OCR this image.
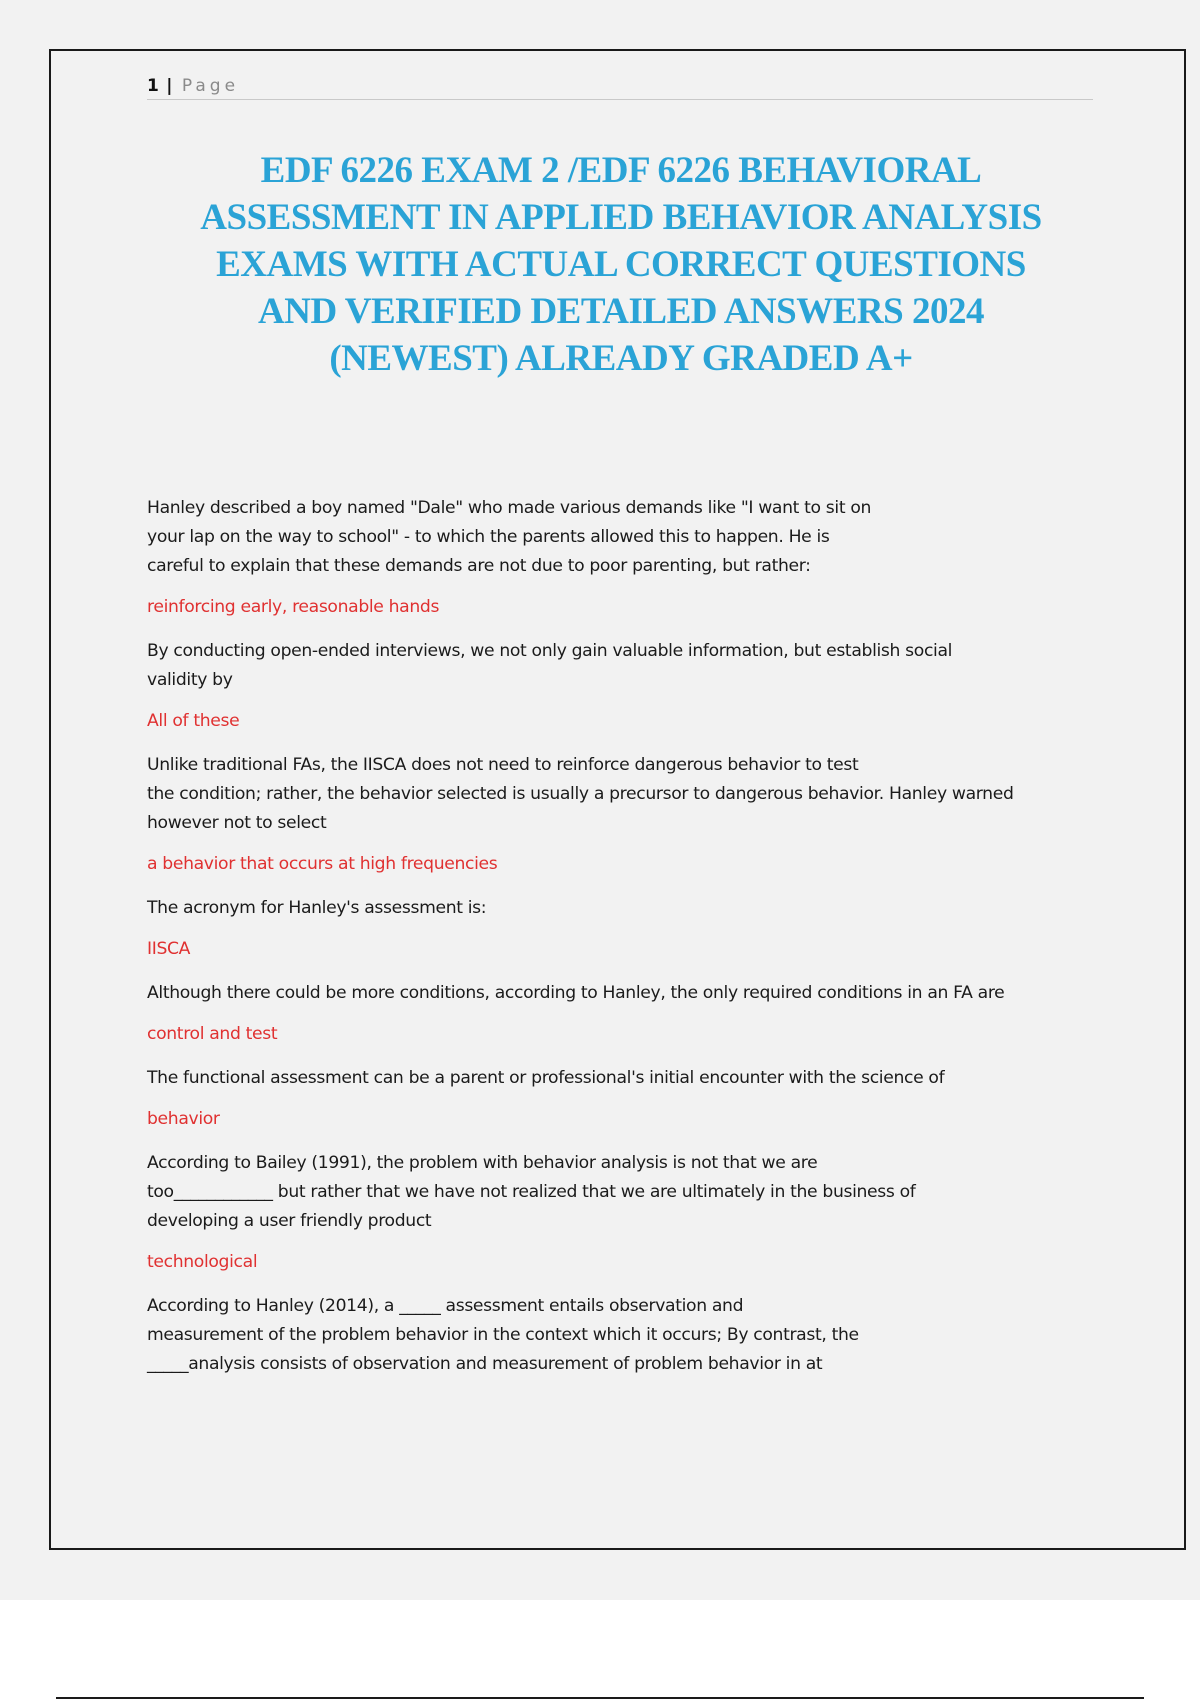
1 | Page
EDF 6226 EXAM 2 /EDF 6226 BEHAVIORAL
ASSESSMENT IN APPLIED BEHAVIOR ANALYSIS
EXAMS WITH ACTUAL CORRECT QUESTIONS
AND VERIFIED DETAILED ANSWERS 2024
(NEWEST) ALREADY GRADED A+

Hanley described a boy named "Dale" who made various demands like "I want to sit on
your lap on the way to school" - to which the parents allowed this to happen. He is
careful to explain that these demands are not due to poor parenting, but rather:

reinforcing early, reasonable hands

By conducting open-ended interviews, we not only gain valuable information, but establish social
validity by

All of these

Unlike traditional FAs, the IISCA does not need to reinforce dangerous behavior to test
the condition; rather, the behavior selected is usually a precursor to dangerous behavior. Hanley warned
however not to select

a behavior that occurs at high frequencies

The acronym for Hanley's assessment is:

IISCA

Although there could be more conditions, according to Hanley, the only required conditions in an FA are

control and test

The functional assessment can be a parent or professional's initial encounter with the science of

behavior

According to Bailey (1991), the problem with behavior analysis is not that we are
too____________ but rather that we have not realized that we are ultimately in the business of
developing a user friendly product

technological

According to Hanley (2014), a _____ assessment entails observation and
measurement of the problem behavior in the context which it occurs; By contrast, the
_____analysis consists of observation and measurement of problem behavior in at
